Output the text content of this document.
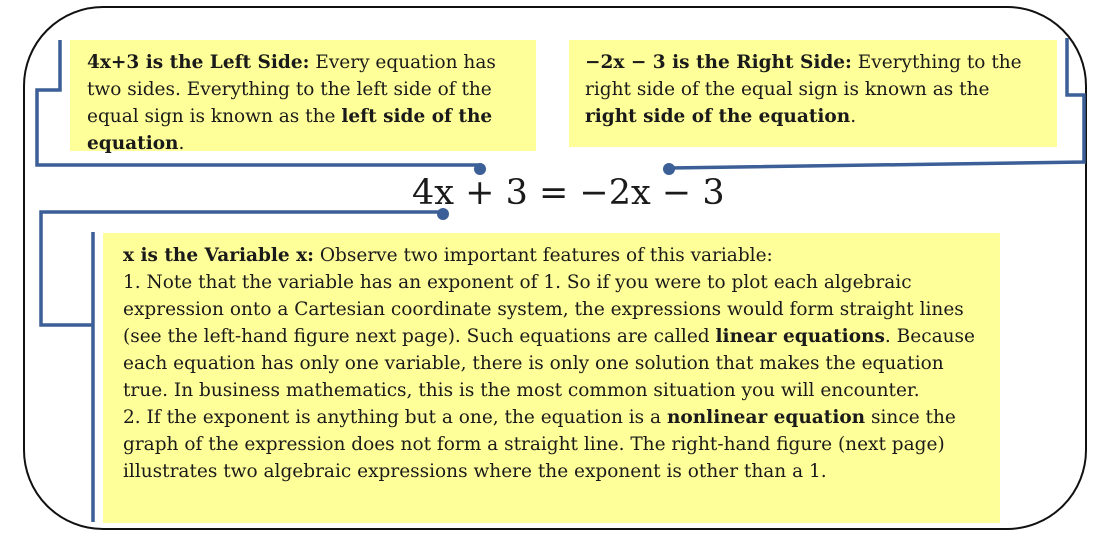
4x+3 is the Left Side: Every equation has two sides. Everything to the left side of the equal sign is known as the left side of the equation.
−2x − 3 is the Right Side: Everything to the right side of the equal sign is known as the right side of the equation.
4x + 3 = −2x − 3
x is the Variable x: Observe two important features of this variable:
1. Note that the variable has an exponent of 1. So if you were to plot each algebraic expression onto a Cartesian coordinate system, the expressions would form straight lines (see the left-hand figure next page). Such equations are called linear equations. Because each equation has only one variable, there is only one solution that makes the equation true. In business mathematics, this is the most common situation you will encounter.
2. If the exponent is anything but a one, the equation is a nonlinear equation since the graph of the expression does not form a straight line. The right-hand figure (next page) illustrates two algebraic expressions where the exponent is other than a 1.
